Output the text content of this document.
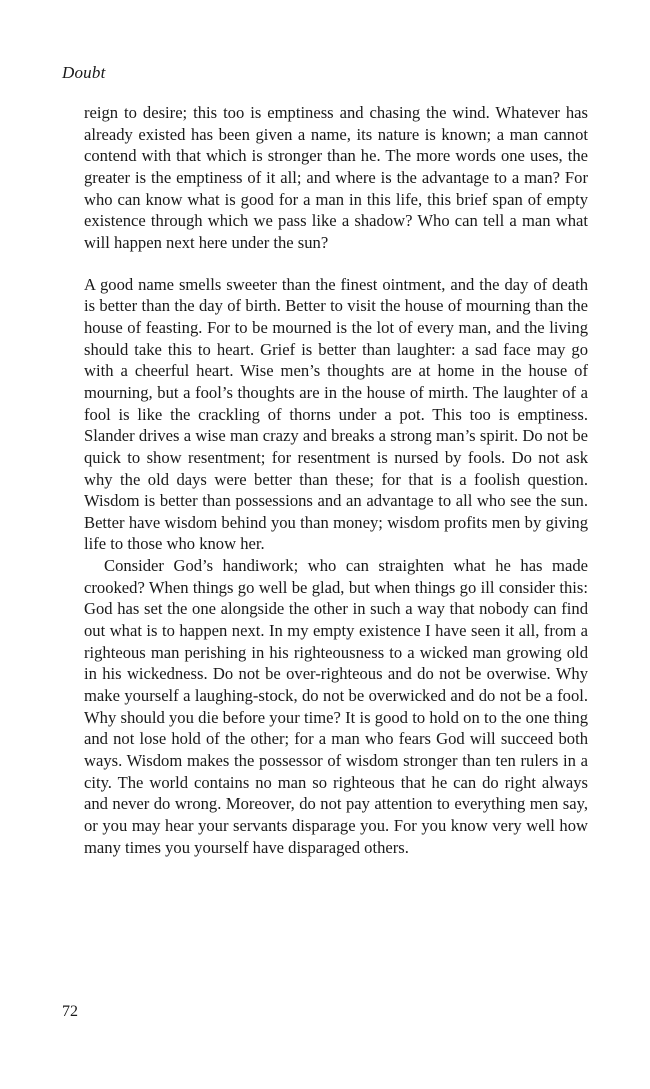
Doubt

reign to desire; this too is emptiness and chasing the wind. Whatever has already existed has been given a name, its nature is known; a man cannot contend with that which is stronger than he. The more words one uses, the greater is the emptiness of it all; and where is the advantage to a man? For who can know what is good for a man in this life, this brief span of empty existence through which we pass like a shadow? Who can tell a man what will happen next here under the sun?

A good name smells sweeter than the finest ointment, and the day of death is better than the day of birth. Better to visit the house of mourning than the house of feasting. For to be mourned is the lot of every man, and the living should take this to heart. Grief is better than laughter: a sad face may go with a cheerful heart. Wise men’s thoughts are at home in the house of mourning, but a fool’s thoughts are in the house of mirth. The laughter of a fool is like the crackling of thorns under a pot. This too is emptiness. Slander drives a wise man crazy and breaks a strong man’s spirit. Do not be quick to show resentment; for resentment is nursed by fools. Do not ask why the old days were better than these; for that is a foolish question. Wisdom is better than possessions and an advantage to all who see the sun. Better have wisdom behind you than money; wisdom profits men by giving life to those who know her.

Consider God’s handiwork; who can straighten what he has made crooked? When things go well be glad, but when things go ill consider this: God has set the one alongside the other in such a way that nobody can find out what is to happen next. In my empty existence I have seen it all, from a righteous man perishing in his righteousness to a wicked man growing old in his wickedness. Do not be over-righteous and do not be overwise. Why make yourself a laughing-stock, do not be overwicked and do not be a fool. Why should you die before your time? It is good to hold on to the one thing and not lose hold of the other; for a man who fears God will succeed both ways. Wisdom makes the possessor of wisdom stronger than ten rulers in a city. The world contains no man so righteous that he can do right always and never do wrong. Moreover, do not pay attention to everything men say, or you may hear your servants disparage you. For you know very well how many times you yourself have disparaged others.

72
